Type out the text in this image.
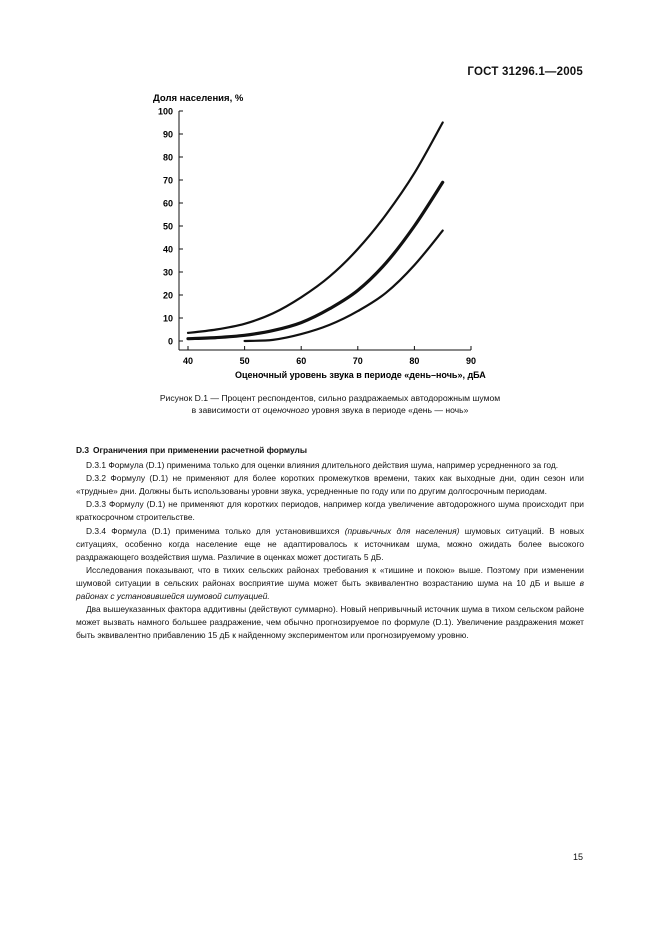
ГОСТ 31296.1—2005
Доля населения, %
0
10
20
30
40
50
60
70
80
90
100
40	50	60	70	80	90
Оценочный уровень звука в периоде «день–ночь», дБА
Рисунок D.1 — Процент респондентов, сильно раздражаемых автодорожным шумом
в зависимости от оценочного уровня звука в периоде «день — ночь»

D.3 Ограничения при применении расчетной формулы

D.3.1 Формула (D.1) применима только для оценки влияния длительного действия шума, например усредненного за год.

D.3.2 Формулу (D.1) не применяют для более коротких промежутков времени, таких как выходные дни, один сезон или «трудные» дни. Должны быть использованы уровни звука, усредненные по году или по другим долгосрочным периодам.

D.3.3 Формулу (D.1) не применяют для коротких периодов, например когда увеличение автодорожного шума происходит при краткосрочном строительстве.

D.3.4 Формула (D.1) применима только для установившихся (привычных для населения) шумовых ситуаций. В новых ситуациях, особенно когда население еще не адаптировалось к источникам шума, можно ожидать более высокого раздражающего воздействия шума. Различие в оценках может достигать 5 дБ.

Исследования показывают, что в тихих сельских районах требования к «тишине и покою» выше. Поэтому при изменении шумовой ситуации в сельских районах восприятие шума может быть эквивалентно возрастанию шума на 10 дБ и выше в районах с установившейся шумовой ситуацией.

Два вышеуказанных фактора аддитивны (действуют суммарно). Новый непривычный источник шума в тихом сельском районе может вызвать намного большее раздражение, чем обычно прогнозируемое по формуле (D.1). Увеличение раздражения может быть эквивалентно прибавлению 15 дБ к найденному экспериментом или прогнозируемому уровню.

15
